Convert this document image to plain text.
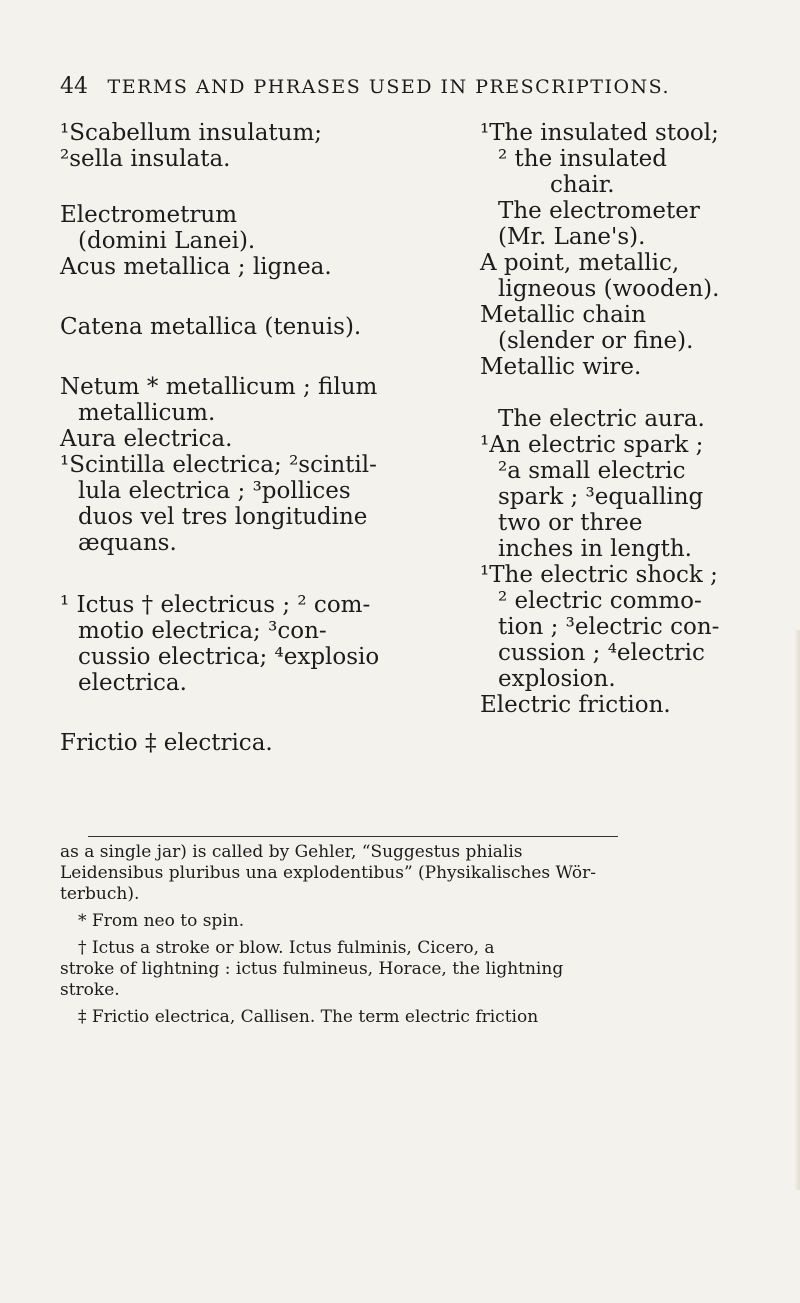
44 TERMS AND PHRASES USED IN PRESCRIPTIONS.
¹Scabellum insulatum;
²sella insulata.
Electrometrum
(domini Lanei).
Acus metallica ; lignea.
Catena metallica (tenuis).
Netum * metallicum ; filum
metallicum.
Aura electrica.
¹Scintilla electrica; ²scintil-
lula electrica ; ³pollices
duos vel tres longitudine
æquans.
¹ Ictus † electricus ; ² com-
motio electrica; ³con-
cussio electrica; ⁴explosio
electrica.
Frictio ‡ electrica.
¹The insulated stool;
² the insulated
chair.
The electrometer
(Mr. Lane's).
A point, metallic,
ligneous (wooden).
Metallic chain
(slender or fine).
Metallic wire.
The electric aura.
¹An electric spark ;
²a small electric
spark ; ³equalling
two or three
inches in length.
¹The electric shock ;
² electric commo-
tion ; ³electric con-
cussion ; ⁴electric
explosion.
Electric friction.
as a single jar) is called by Gehler, “Suggestus phialis
Leidensibus pluribus una explodentibus” (Physikalisches Wör-
terbuch).
* From neo to spin.
† Ictus a stroke or blow. Ictus fulminis, Cicero, a
stroke of lightning : ictus fulmineus, Horace, the lightning
stroke.
‡ Frictio electrica, Callisen. The term electric friction
